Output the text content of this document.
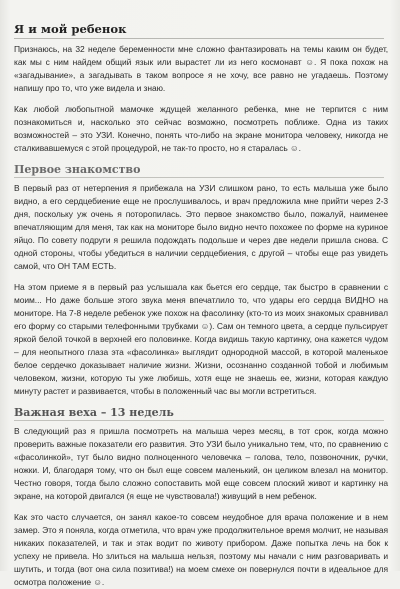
Я и мой ребенок

Признаюсь, на 32 неделе беременности мне сложно фантазировать на темы каким он будет, как мы с ним найдем общий язык или вырастет ли из него космонавт ☺. Я пока похож на «загадывание», а загадывать в таком вопросе я не хочу, все равно не угадаешь. Поэтому напишу про то, что уже видела и знаю.

Как любой любопытной мамочке ждущей желанного ребенка, мне не терпится с ним познакомиться и, насколько это сейчас возможно, посмотреть поближе. Одна из таких возможностей – это УЗИ. Конечно, понять что-либо на экране монитора человеку, никогда не сталкивавшемуся с этой процедурой, не так-то просто, но я старалась ☺.

Первое знакомство

В первый раз от нетерпения я прибежала на УЗИ слишком рано, то есть малыша уже было видно, а его сердцебиение еще не прослушивалось, и врач предложила мне прийти через 2-3 дня, поскольку уж очень я поторопилась. Это первое знакомство было, пожалуй, наименее впечатляющим для меня, так как на мониторе было видно нечто похожее по форме на куриное яйцо. По совету подруги я решила подождать подольше и через две недели пришла снова. С одной стороны, чтобы убедиться в наличии сердцебиения, с другой – чтобы еще раз увидеть самой, что ОН ТАМ ЕСТЬ.

На этом приеме я в первый раз услышала как бьется его сердце, так быстро в сравнении с моим... Но даже больше этого звука меня впечатлило то, что удары его сердца ВИДНО на мониторе. На 7-8 неделе ребенок уже похож на фасолинку (кто-то из моих знакомых сравнивал его форму со старыми телефонными трубками ☺). Сам он темного цвета, а сердце пульсирует яркой белой точкой в верхней его половинке. Когда видишь такую картинку, она кажется чудом – для неопытного глаза эта «фасолинка» выглядит однородной массой, в которой маленькое белое сердечко доказывает наличие жизни. Жизни, осознанно созданной тобой и любимым человеком, жизни, которую ты уже любишь, хотя еще не знаешь ее, жизни, которая каждую минуту растет и развивается, чтобы в положенный час вы могли встретиться.

Важная веха – 13 недель

В следующий раз я пришла посмотреть на малыша через месяц, в тот срок, когда можно проверить важные показатели его развития. Это УЗИ было уникально тем, что, по сравнению с «фасолинкой», тут было видно полноценного человечка – голова, тело, позвоночник, ручки, ножки. И, благодаря тому, что он был еще совсем маленький, он целиком влезал на монитор. Честно говоря, тогда было сложно сопоставить мой еще совсем плоский живот и картинку на экране, на которой двигался (я еще не чувствовала!) живущий в нем ребенок.

Как это часто случается, он занял какое-то совсем неудобное для врача положение и в нем замер. Это я поняла, когда отметила, что врач уже продолжительное время молчит, не называя никаких показателей, и так и этак водит по животу прибором. Даже попытка лечь на бок к успеху не привела. Но злиться на малыша нельзя, поэтому мы начали с ним разговаривать и шутить, и тогда (вот она сила позитива!) на моем смехе он повернулся почти в идеальное для осмотра положение ☺.
